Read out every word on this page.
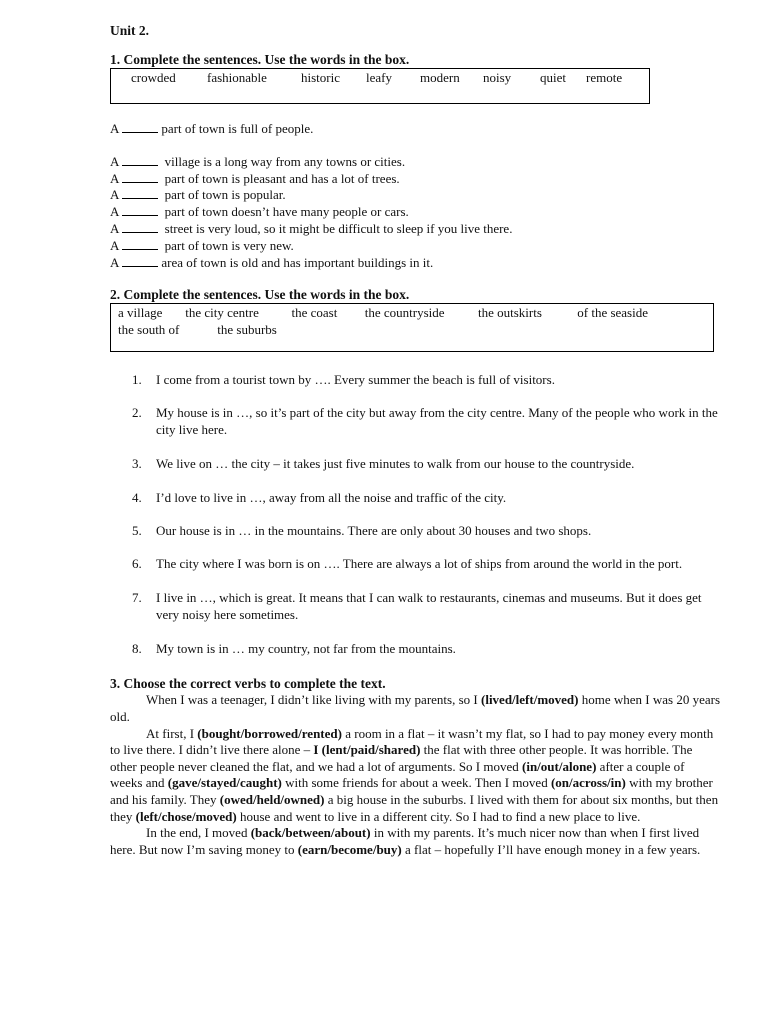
Unit 2.
1. Complete the sentences. Use the words in the box.
crowded	fashionable	historic	leafy	modern	noisy	quiet	remote

A	part of town is full of people.

A	village is a long way from any towns or cities.

A	part of town is pleasant and has a lot of trees.

A	part of town is popular.

A	part of town doesn’t have many people or cars.

A	street is very loud, so it might be difficult to sleep if you live there.

A	part of town is very new.

A	area of town is old and has important buildings in it.

2. Complete the sentences. Use the words in the box.
a village the city centre	the coast the countryside	the outskirts	of the seaside
the south of	the suburbs
1. I come from a tourist town by …. Every summer the beach is full of visitors.
2. My house is in …, so it’s part of the city but away from the city centre. Many of the people who work in the city live here.
3. We live on … the city – it takes just five minutes to walk from our house to the countryside.
4. I’d love to live in …, away from all the noise and traffic of the city.
5. Our house is in … in the mountains. There are only about 30 houses and two shops.
6. The city where I was born is on …. There are always a lot of ships from around the world in the port.
7. I live in …, which is great. It means that I can walk to restaurants, cinemas and museums. But it does get very noisy here sometimes.
8. My town is in … my country, not far from the mountains.
3. Choose the correct verbs to complete the text.

When I was a teenager, I didn’t like living with my parents, so I (lived/left/moved) home when I was 20 years old.

At first, I (bought/borrowed/rented) a room in a flat – it wasn’t my flat, so I had to pay money every month to live there. I didn’t live there alone – I (lent/paid/shared) the flat with three other people. It was horrible. The other people never cleaned the flat, and we had a lot of arguments. So I moved (in/out/alone) after a couple of weeks and (gave/stayed/caught) with some friends for about a week. Then I moved (on/across/in) with my brother and his family. They (owed/held/owned) a big house in the suburbs. I lived with them for about six months, but then they (left/chose/moved) house and went to live in a different city. So I had to find a new place to live.

In the end, I moved (back/between/about) in with my parents. It’s much nicer now than when I first lived here. But now I’m saving money to (earn/become/buy) a flat – hopefully I’ll have enough money in a few years.
